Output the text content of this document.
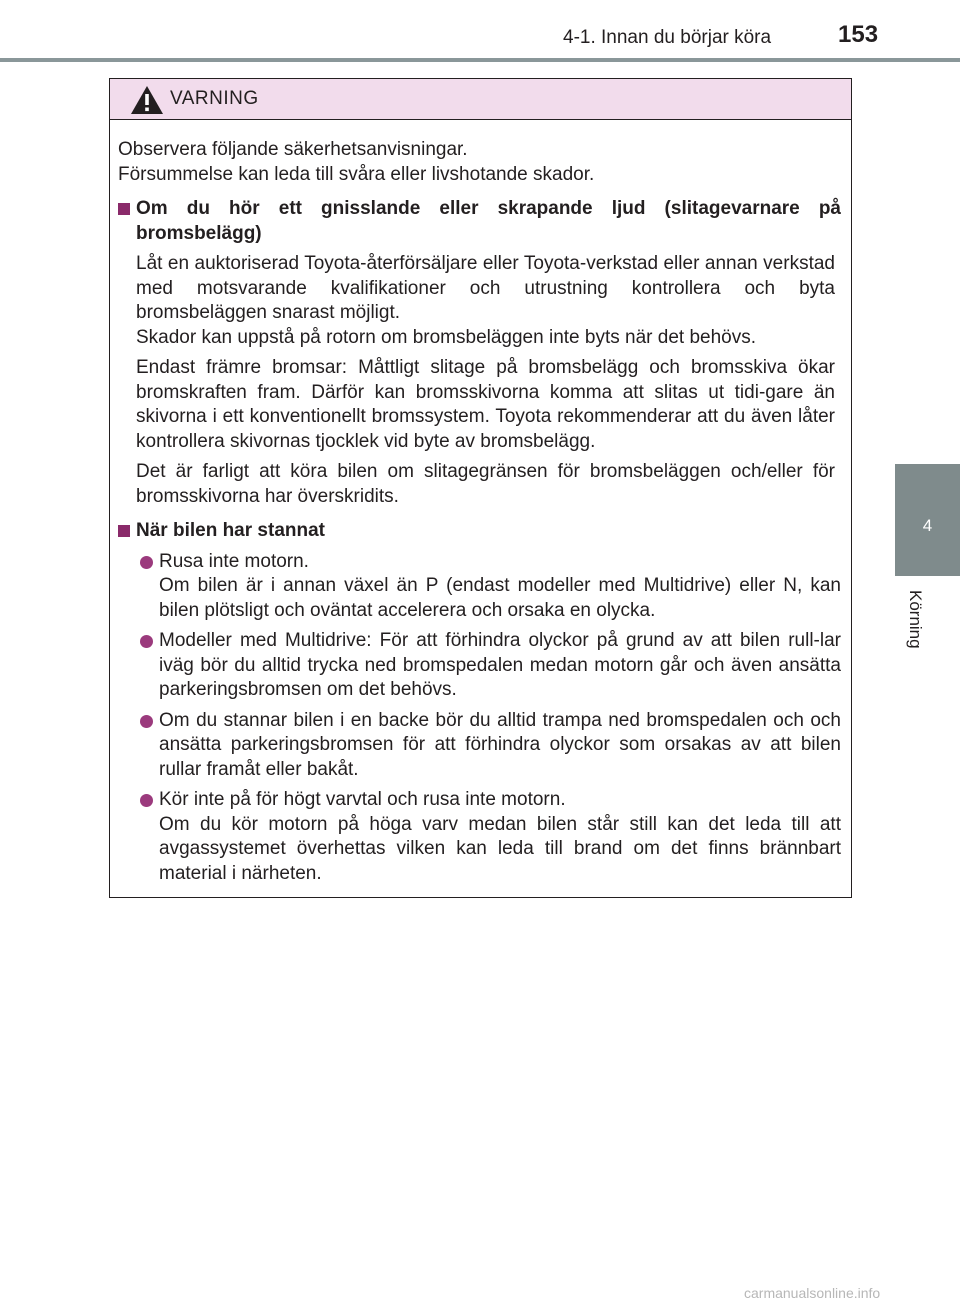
4-1. Innan du börjar köra	153
4
Körning
VARNING

Observera följande säkerhetsanvisningar.

Försummelse kan leda till svåra eller livshotande skador.

Om du hör ett gnisslande eller skrapande ljud (slitagevarnare på bromsbelägg)

Låt en auktoriserad Toyota-återförsäljare eller Toyota-verkstad eller annan verkstad med motsvarande kvalifikationer och utrustning kontrollera och byta bromsbeläggen snarast möjligt.

Skador kan uppstå på rotorn om bromsbeläggen inte byts när det behövs.

Endast främre bromsar: Måttligt slitage på bromsbelägg och bromsskiva ökar bromskraften fram. Därför kan bromsskivorna komma att slitas ut tidi-gare än skivorna i ett konventionellt bromssystem. Toyota rekommenderar att du även låter kontrollera skivornas tjocklek vid byte av bromsbelägg.

Det är farligt att köra bilen om slitagegränsen för bromsbeläggen och/eller för bromsskivorna har överskridits.

När bilen har stannat

Rusa inte motorn.

Om bilen är i annan växel än P (endast modeller med Multidrive) eller N, kan bilen plötsligt och oväntat accelerera och orsaka en olycka.

Modeller med Multidrive: För att förhindra olyckor på grund av att bilen rull-lar iväg bör du alltid trycka ned bromspedalen medan motorn går och även ansätta parkeringsbromsen om det behövs.

Om du stannar bilen i en backe bör du alltid trampa ned bromspedalen och och ansätta parkeringsbromsen för att förhindra olyckor som orsakas av att bilen rullar framåt eller bakåt.

Kör inte på för högt varvtal och rusa inte motorn.

Om du kör motorn på höga varv medan bilen står still kan det leda till att avgassystemet överhettas vilken kan leda till brand om det finns brännbart material i närheten.

carmanualsonline.info
